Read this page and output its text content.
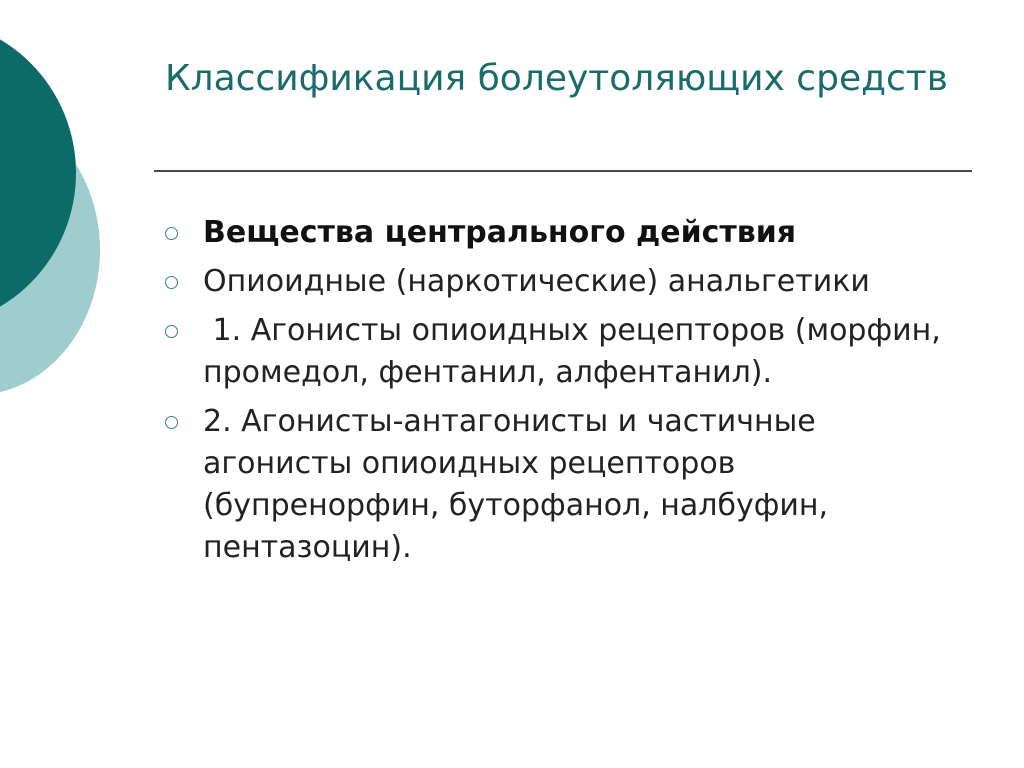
Классификация болеутоляющих средств
Вещества центрального действия
Опиоидные (наркотические) анальгетики
1. Агонисты опиоидных рецепторов (морфин, промедол, фентанил, алфентанил).
2. Агонисты-антагонисты и частичные агонисты опиоидных рецепторов (бупренорфин, буторфанол, налбуфин, пентазоцин).
